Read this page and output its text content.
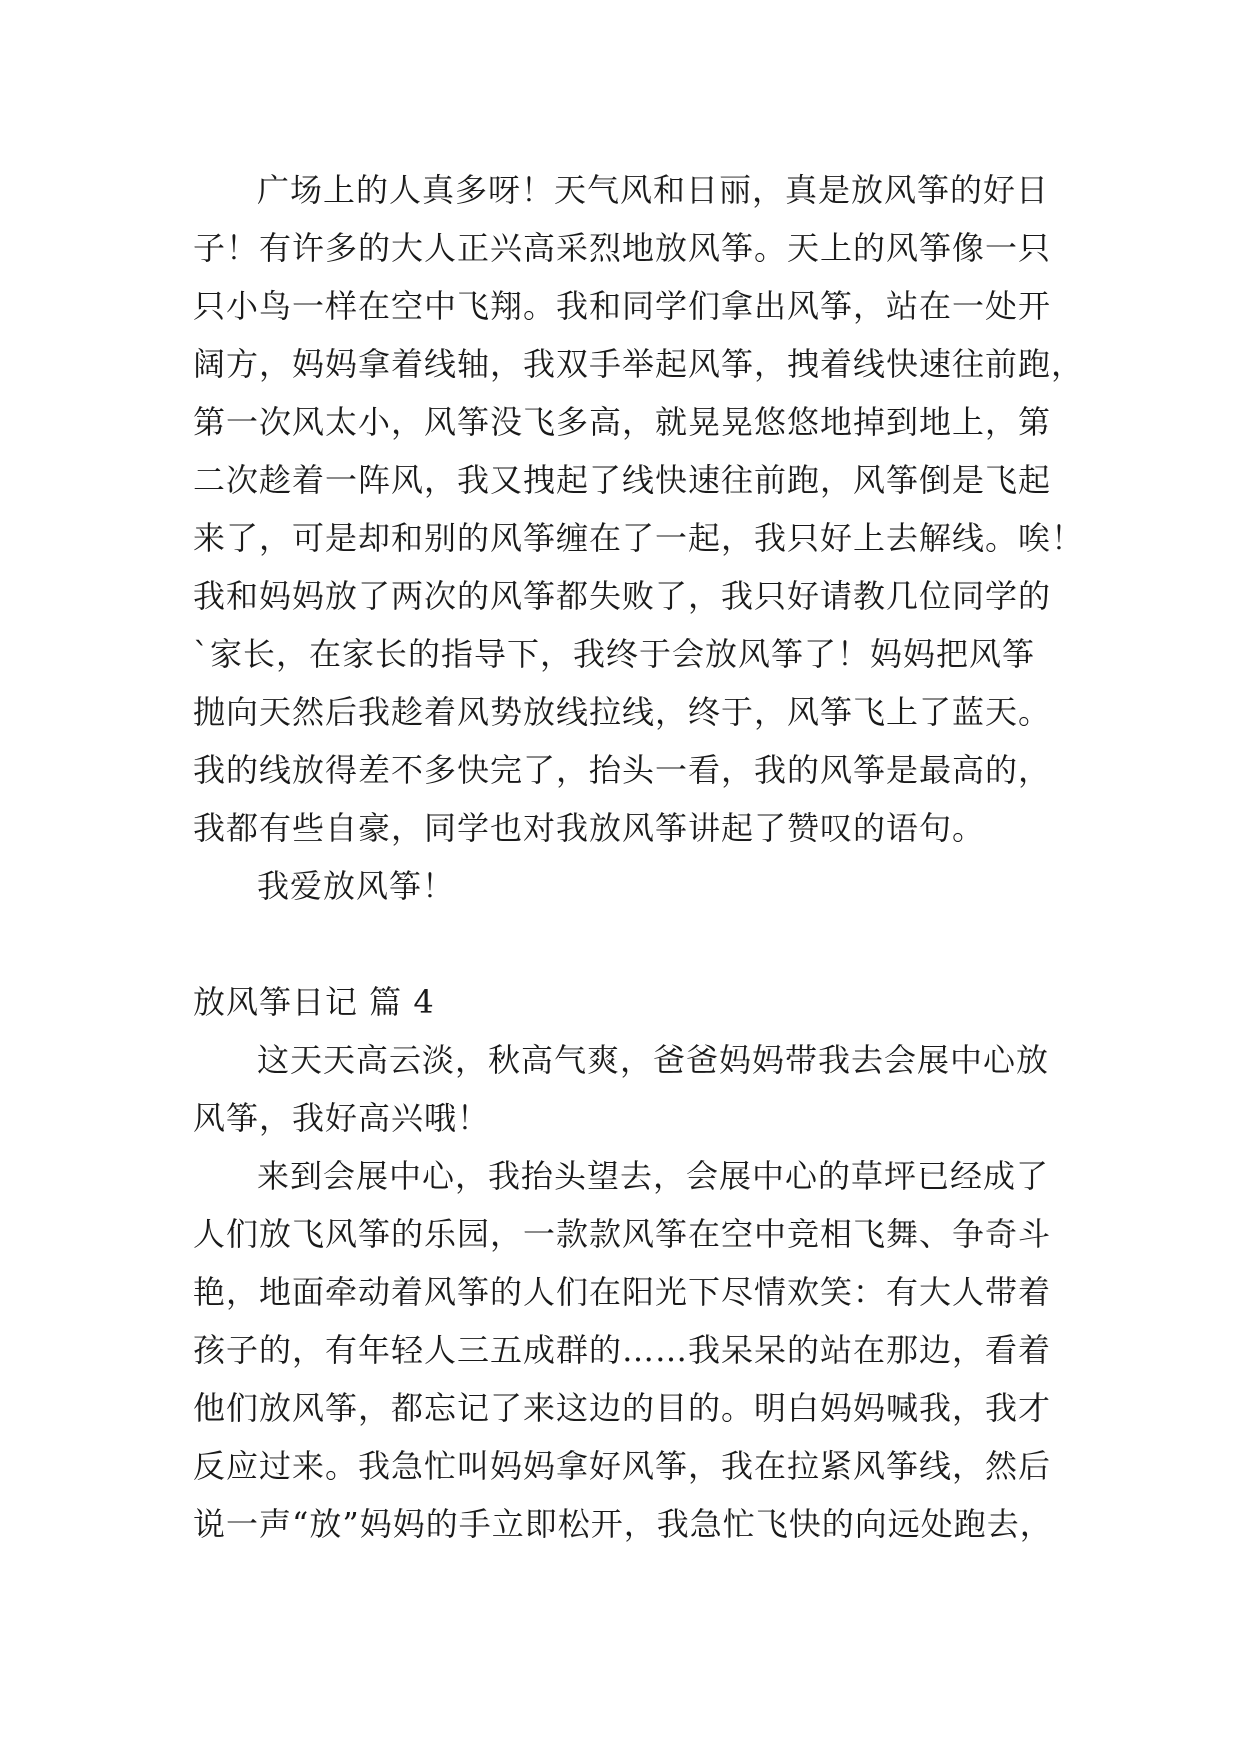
广场上的人真多呀！天气风和日丽，真是放风筝的好日
子！有许多的大人正兴高采烈地放风筝。天上的风筝像一只
只小鸟一样在空中飞翔。我和同学们拿出风筝，站在一处开
阔方，妈妈拿着线轴，我双手举起风筝，拽着线快速往前跑，
第一次风太小，风筝没飞多高，就晃晃悠悠地掉到地上，第
二次趁着一阵风，我又拽起了线快速往前跑，风筝倒是飞起
来了，可是却和别的风筝缠在了一起，我只好上去解线。唉！
我和妈妈放了两次的风筝都失败了，我只好请教几位同学的
`家长，在家长的指导下，我终于会放风筝了！妈妈把风筝
抛向天然后我趁着风势放线拉线，终于，风筝飞上了蓝天。
我的线放得差不多快完了，抬头一看，我的风筝是最高的，
我都有些自豪，同学也对我放风筝讲起了赞叹的语句。
我爱放风筝！
放风筝日记 篇 4
这天天高云淡，秋高气爽，爸爸妈妈带我去会展中心放
风筝，我好高兴哦！
来到会展中心，我抬头望去，会展中心的草坪已经成了
人们放飞风筝的乐园，一款款风筝在空中竞相飞舞、争奇斗
艳，地面牵动着风筝的人们在阳光下尽情欢笑：有大人带着
孩子的，有年轻人三五成群的……我呆呆的站在那边，看着
他们放风筝，都忘记了来这边的目的。明白妈妈喊我，我才
反应过来。我急忙叫妈妈拿好风筝，我在拉紧风筝线，然后
说一声“放”妈妈的手立即松开，我急忙飞快的向远处跑去，
